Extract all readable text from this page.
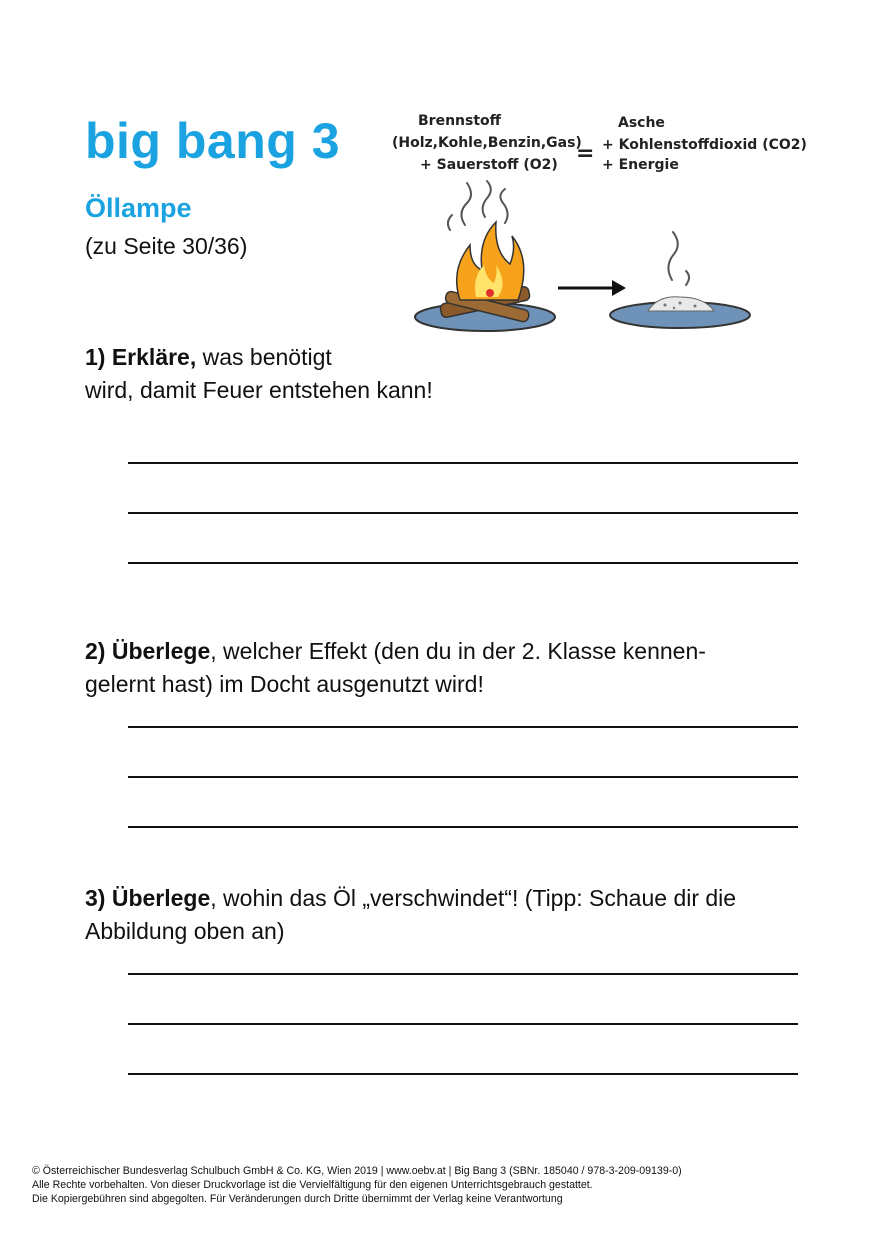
big bang 3
Öllampe
(zu Seite 30/36)
Brennstoff
(Holz,Kohle,Benzin,Gas)
+ Sauerstoff (O2) =
Asche
+ Kohlenstoffdioxid (CO2)
+ Energie
1) Erkläre, was benötigt
wird, damit Feuer entstehen kann!
2) Überlege, welcher Effekt (den du in der 2. Klasse kennen-
gelernt hast) im Docht ausgenutzt wird!
3) Überlege, wohin das Öl „verschwindet“! (Tipp: Schaue dir die
Abbildung oben an)
© Österreichischer Bundesverlag Schulbuch GmbH & Co. KG, Wien 2019 | www.oebv.at | Big Bang 3 (SBNr. 185040 / 978-3-209-09139-0)
Alle Rechte vorbehalten. Von dieser Druckvorlage ist die Vervielfältigung für den eigenen Unterrichtsgebrauch gestattet.
Die Kopiergebühren sind abgegolten. Für Veränderungen durch Dritte übernimmt der Verlag keine Verantwortung
